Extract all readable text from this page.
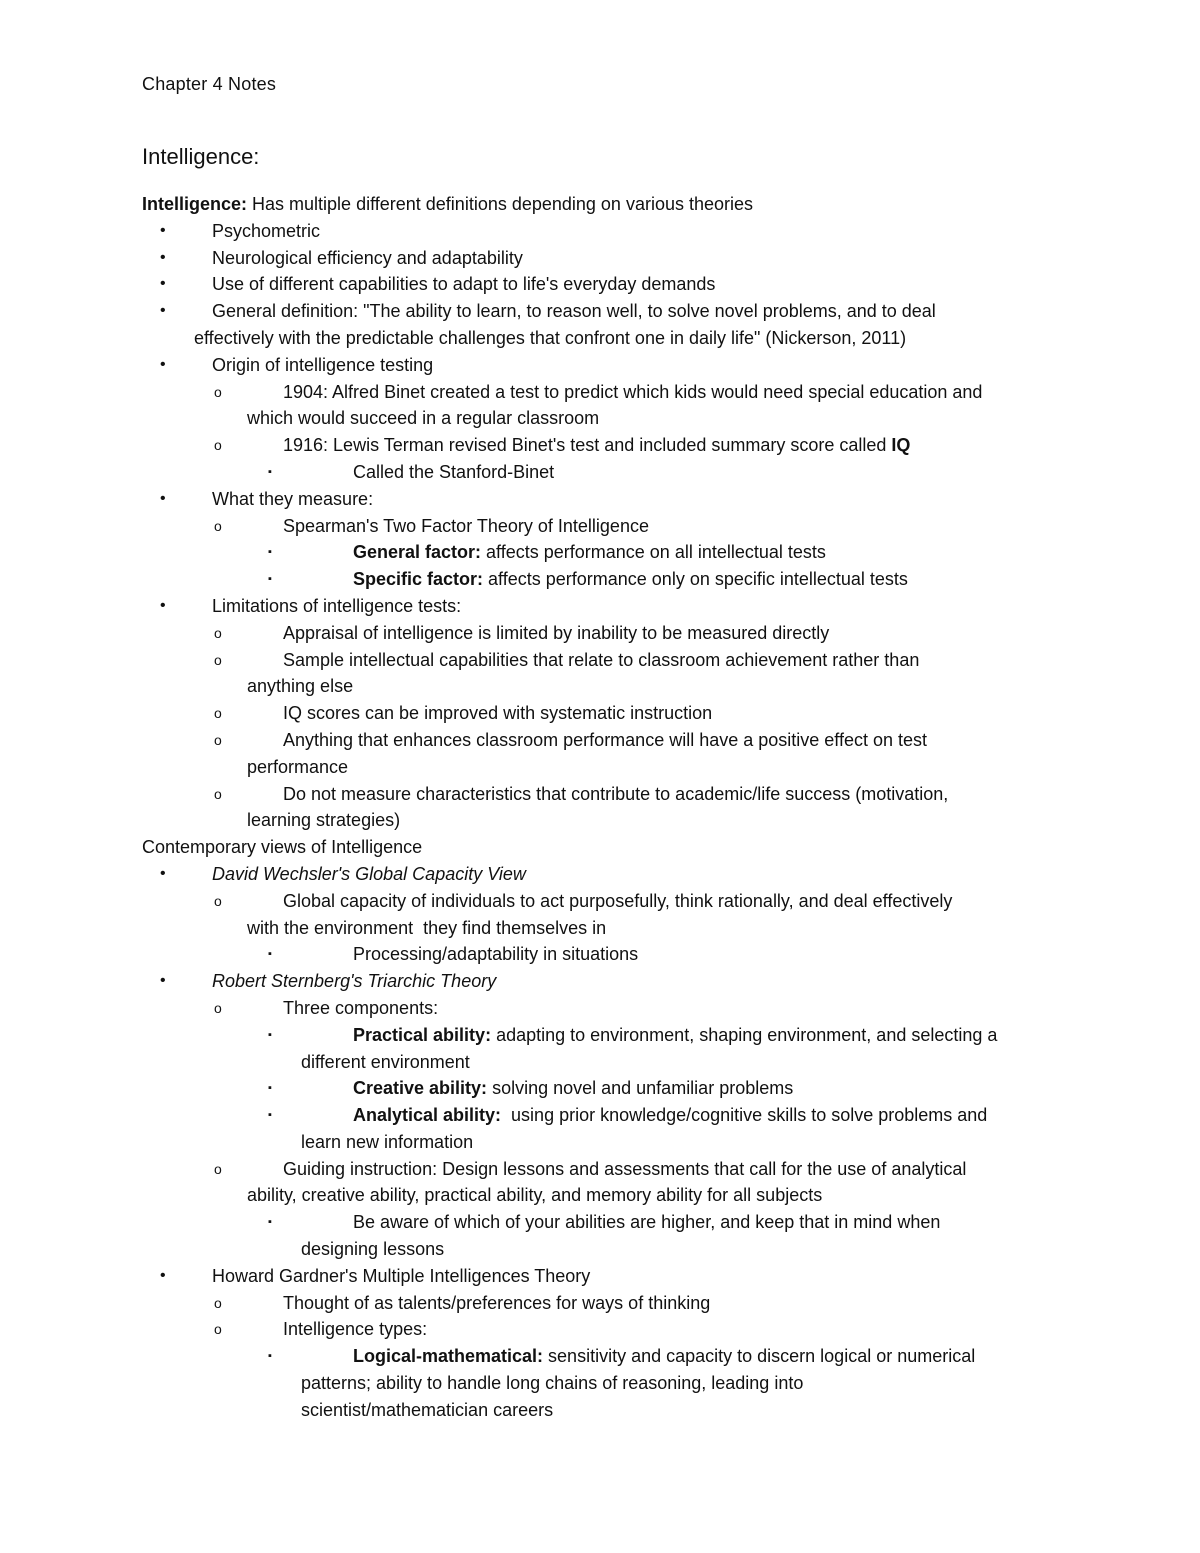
Chapter 4 Notes
Intelligence:
Intelligence: Has multiple different definitions depending on various theories
•	Psychometric
•	Neurological efficiency and adaptability
•	Use of different capabilities to adapt to life's everyday demands
•	General definition: "The ability to learn, to reason well, to solve novel problems, and to deal
effectively with the predictable challenges that confront one in daily life" (Nickerson, 2011)
•	Origin of intelligence testing
o	1904: Alfred Binet created a test to predict which kids would need special education and
which would succeed in a regular classroom
o	1916: Lewis Terman revised Binet's test and included summary score called IQ
▪	Called the Stanford-Binet
•	What they measure:
o	Spearman's Two Factor Theory of Intelligence
▪	General factor: affects performance on all intellectual tests
▪	Specific factor: affects performance only on specific intellectual tests
•	Limitations of intelligence tests:
o	Appraisal of intelligence is limited by inability to be measured directly
o	Sample intellectual capabilities that relate to classroom achievement rather than
anything else
o	IQ scores can be improved with systematic instruction
o	Anything that enhances classroom performance will have a positive effect on test
performance
o	Do not measure characteristics that contribute to academic/life success (motivation,
learning strategies)
Contemporary views of Intelligence
•	David Wechsler's Global Capacity View
o	Global capacity of individuals to act purposefully, think rationally, and deal effectively
with the environment  they find themselves in
▪	Processing/adaptability in situations
•	Robert Sternberg's Triarchic Theory
o	Three components:
▪	Practical ability: adapting to environment, shaping environment, and selecting a
different environment
▪	Creative ability: solving novel and unfamiliar problems
▪	Analytical ability:  using prior knowledge/cognitive skills to solve problems and
learn new information
o	Guiding instruction: Design lessons and assessments that call for the use of analytical
ability, creative ability, practical ability, and memory ability for all subjects
▪	Be aware of which of your abilities are higher, and keep that in mind when
designing lessons
•	Howard Gardner's Multiple Intelligences Theory
o	Thought of as talents/preferences for ways of thinking
o	Intelligence types:
▪	Logical-mathematical: sensitivity and capacity to discern logical or numerical
patterns; ability to handle long chains of reasoning, leading into
scientist/mathematician careers
